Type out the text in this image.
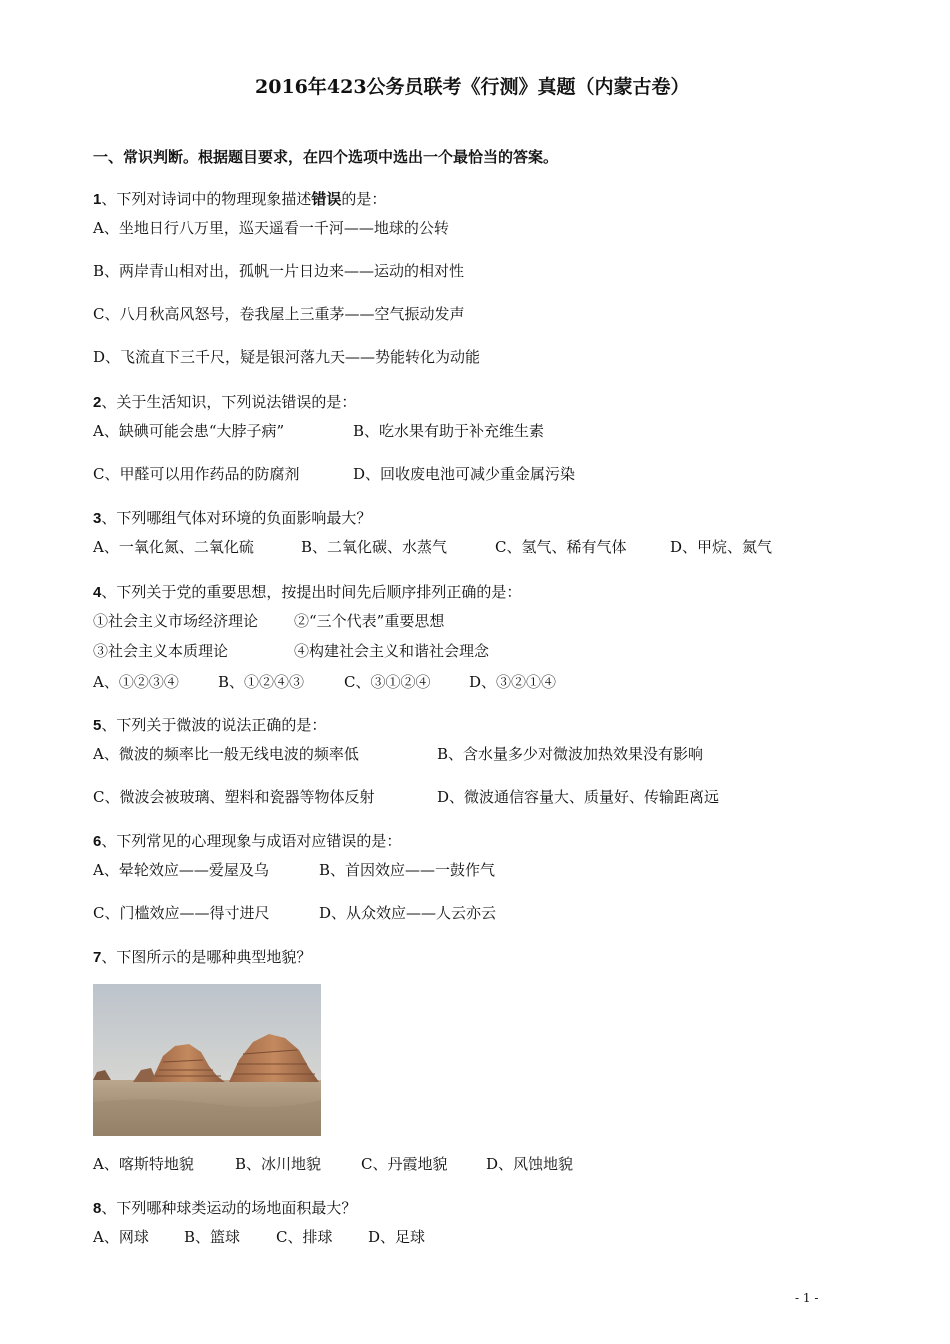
2016年423公务员联考《行测》真题（内蒙古卷）
一、常识判断。根据题目要求，在四个选项中选出一个最恰当的答案。
1、下列对诗词中的物理现象描述错误的是：
A、坐地日行八万里，巡天遥看一千河——地球的公转
B、两岸青山相对出，孤帆一片日边来——运动的相对性
C、八月秋高风怒号，卷我屋上三重茅——空气振动发声
D、飞流直下三千尺，疑是银河落九天——势能转化为动能
2、关于生活知识，下列说法错误的是：
A、缺碘可能会患“大脖子病”	B、吃水果有助于补充维生素
C、甲醛可以用作药品的防腐剂	D、回收废电池可减少重金属污染
3、下列哪组气体对环境的负面影响最大？
A、一氧化氮、二氧化硫	B、二氧化碳、水蒸气	C、氢气、稀有气体	D、甲烷、氮气
4、下列关于党的重要思想，按提出时间先后顺序排列正确的是：
①社会主义市场经济理论 ②“三个代表”重要思想
③社会主义本质理论	④构建社会主义和谐社会理念
A、①②③④	B、①②④③	C、③①②④	D、③②①④
5、下列关于微波的说法正确的是：
A、微波的频率比一般无线电波的频率低	B、含水量多少对微波加热效果没有影响
C、微波会被玻璃、塑料和瓷器等物体反射	D、微波通信容量大、质量好、传输距离远
6、下列常见的心理现象与成语对应错误的是：
A、晕轮效应——爱屋及乌	B、首因效应——一鼓作气
C、门槛效应——得寸进尺	D、从众效应——人云亦云
7、下图所示的是哪种典型地貌？
A、喀斯特地貌	B、冰川地貌	C、丹霞地貌	D、风蚀地貌
8、下列哪种球类运动的场地面积最大？
A、网球 B、篮球 C、排球 D、足球
- 1 -
